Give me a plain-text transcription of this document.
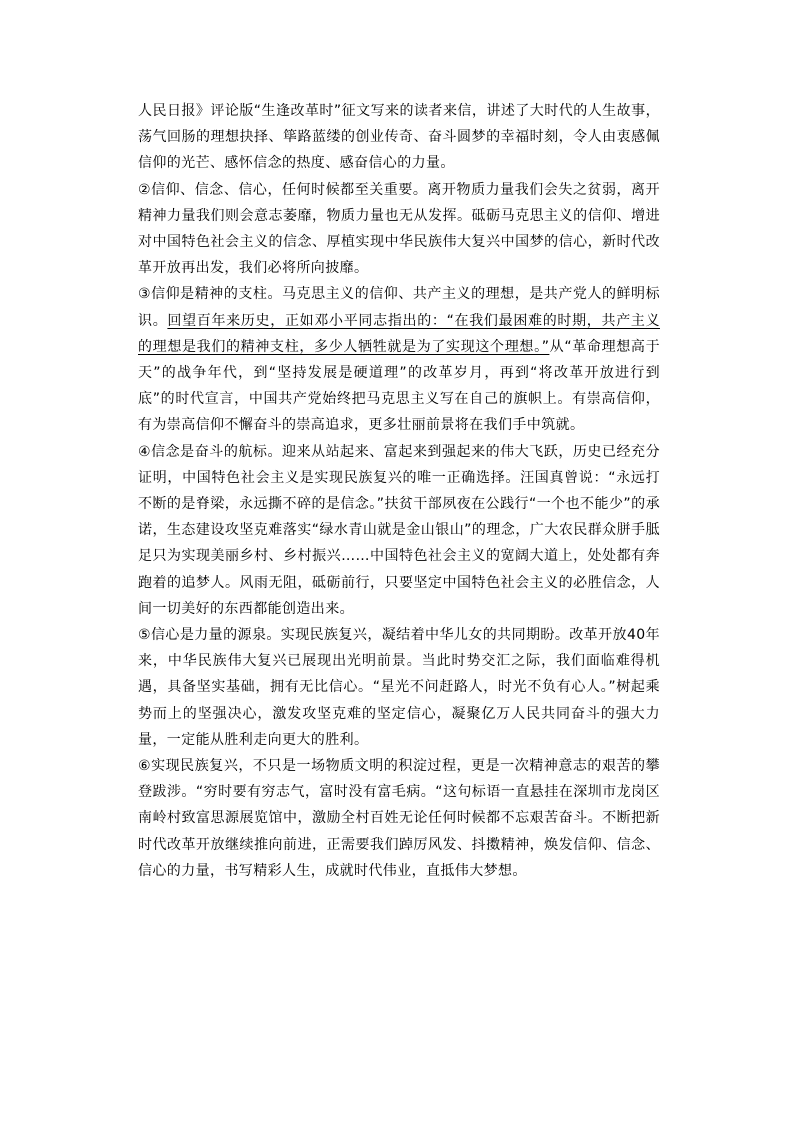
人民日报》评论版“生逢改革时”征文写来的读者来信，讲述了大时代的人生故事，荡气回肠的理想抉择、筚路蓝缕的创业传奇、奋斗圆梦的幸福时刻，令人由衷感佩信仰的光芒、感怀信念的热度、感奋信心的力量。

②信仰、信念、信心，任何时候都至关重要。离开物质力量我们会失之贫弱，离开精神力量我们则会意志萎靡，物质力量也无从发挥。砥砺马克思主义的信仰、增进对中国特色社会主义的信念、厚植实现中华民族伟大复兴中国梦的信心，新时代改革开放再出发，我们必将所向披靡。

③信仰是精神的支柱。马克思主义的信仰、共产主义的理想，是共产党人的鲜明标识。回望百年来历史，正如邓小平同志指出的：“在我们最困难的时期，共产主义的理想是我们的精神支柱，多少人牺牲就是为了实现这个理想。”从“革命理想高于天”的战争年代，到“坚持发展是硬道理”的改革岁月，再到“将改革开放进行到底”的时代宣言，中国共产党始终把马克思主义写在自己的旗帜上。有崇高信仰，有为崇高信仰不懈奋斗的崇高追求，更多壮丽前景将在我们手中筑就。

④信念是奋斗的航标。迎来从站起来、富起来到强起来的伟大飞跃，历史已经充分证明，中国特色社会主义是实现民族复兴的唯一正确选择。汪国真曾说：“永远打不断的是脊梁，永远撕不碎的是信念。”扶贫干部夙夜在公践行“一个也不能少”的承诺，生态建设攻坚克难落实“绿水青山就是金山银山”的理念，广大农民群众胼手胝足只为实现美丽乡村、乡村振兴……中国特色社会主义的宽阔大道上，处处都有奔跑着的追梦人。风雨无阻，砥砺前行，只要坚定中国特色社会主义的必胜信念，人间一切美好的东西都能创造出来。

⑤信心是力量的源泉。实现民族复兴，凝结着中华儿女的共同期盼。改革开放40年来，中华民族伟大复兴已展现出光明前景。当此时势交汇之际，我们面临难得机遇，具备坚实基础，拥有无比信心。“星光不问赶路人，时光不负有心人。”树起乘势而上的坚强决心，激发攻坚克难的坚定信心，凝聚亿万人民共同奋斗的强大力量，一定能从胜利走向更大的胜利。

⑥实现民族复兴，不只是一场物质文明的积淀过程，更是一次精神意志的艰苦的攀登跋涉。“穷时要有穷志气，富时没有富毛病。“这句标语一直悬挂在深圳市龙岗区南岭村致富思源展览馆中，激励全村百姓无论任何时候都不忘艰苦奋斗。不断把新时代改革开放继续推向前进，正需要我们踔厉风发、抖擞精神，焕发信仰、信念、信心的力量，书写精彩人生，成就时代伟业，直抵伟大梦想。
